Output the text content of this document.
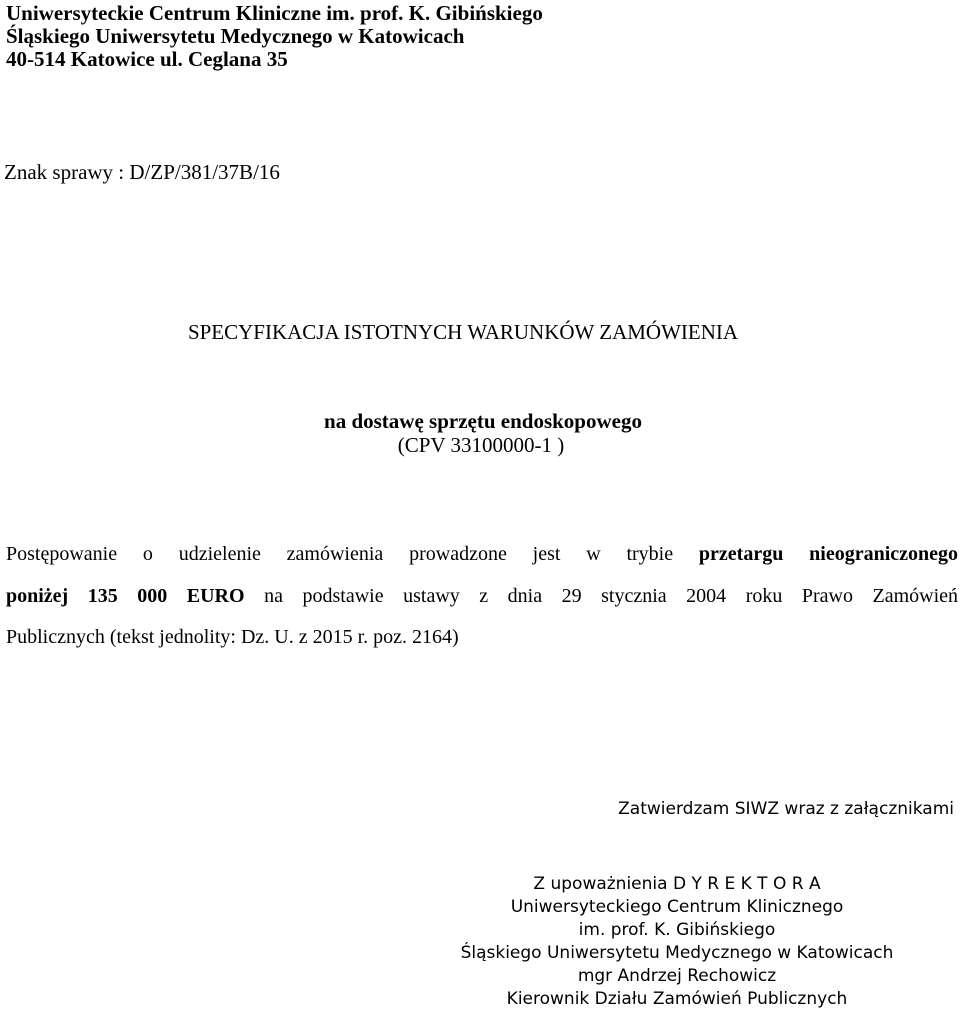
Uniwersyteckie Centrum Kliniczne im. prof. K. Gibińskiego

Śląskiego Uniwersytetu Medycznego w Katowicach

40-514 Katowice ul. Ceglana 35

Znak sprawy : D/ZP/381/37B/16

SPECYFIKACJA ISTOTNYCH WARUNKÓW ZAMÓWIENIA

na dostawę sprzętu endoskopowego

(CPV 33100000-1 )

Postępowanie o udzielenie zamówienia prowadzone jest w trybie przetargu nieograniczonego

poniżej 135 000 EURO na podstawie ustawy z dnia 29 stycznia 2004 roku Prawo Zamówień

Publicznych (tekst jednolity: Dz. U. z 2015 r. poz. 2164)

Zatwierdzam SIWZ wraz z załącznikami

Z upoważnienia D Y R E K T O R A

Uniwersyteckiego Centrum Klinicznego

im. prof. K. Gibińskiego

Śląskiego Uniwersytetu Medycznego w Katowicach

mgr Andrzej Rechowicz

Kierownik Działu Zamówień Publicznych
